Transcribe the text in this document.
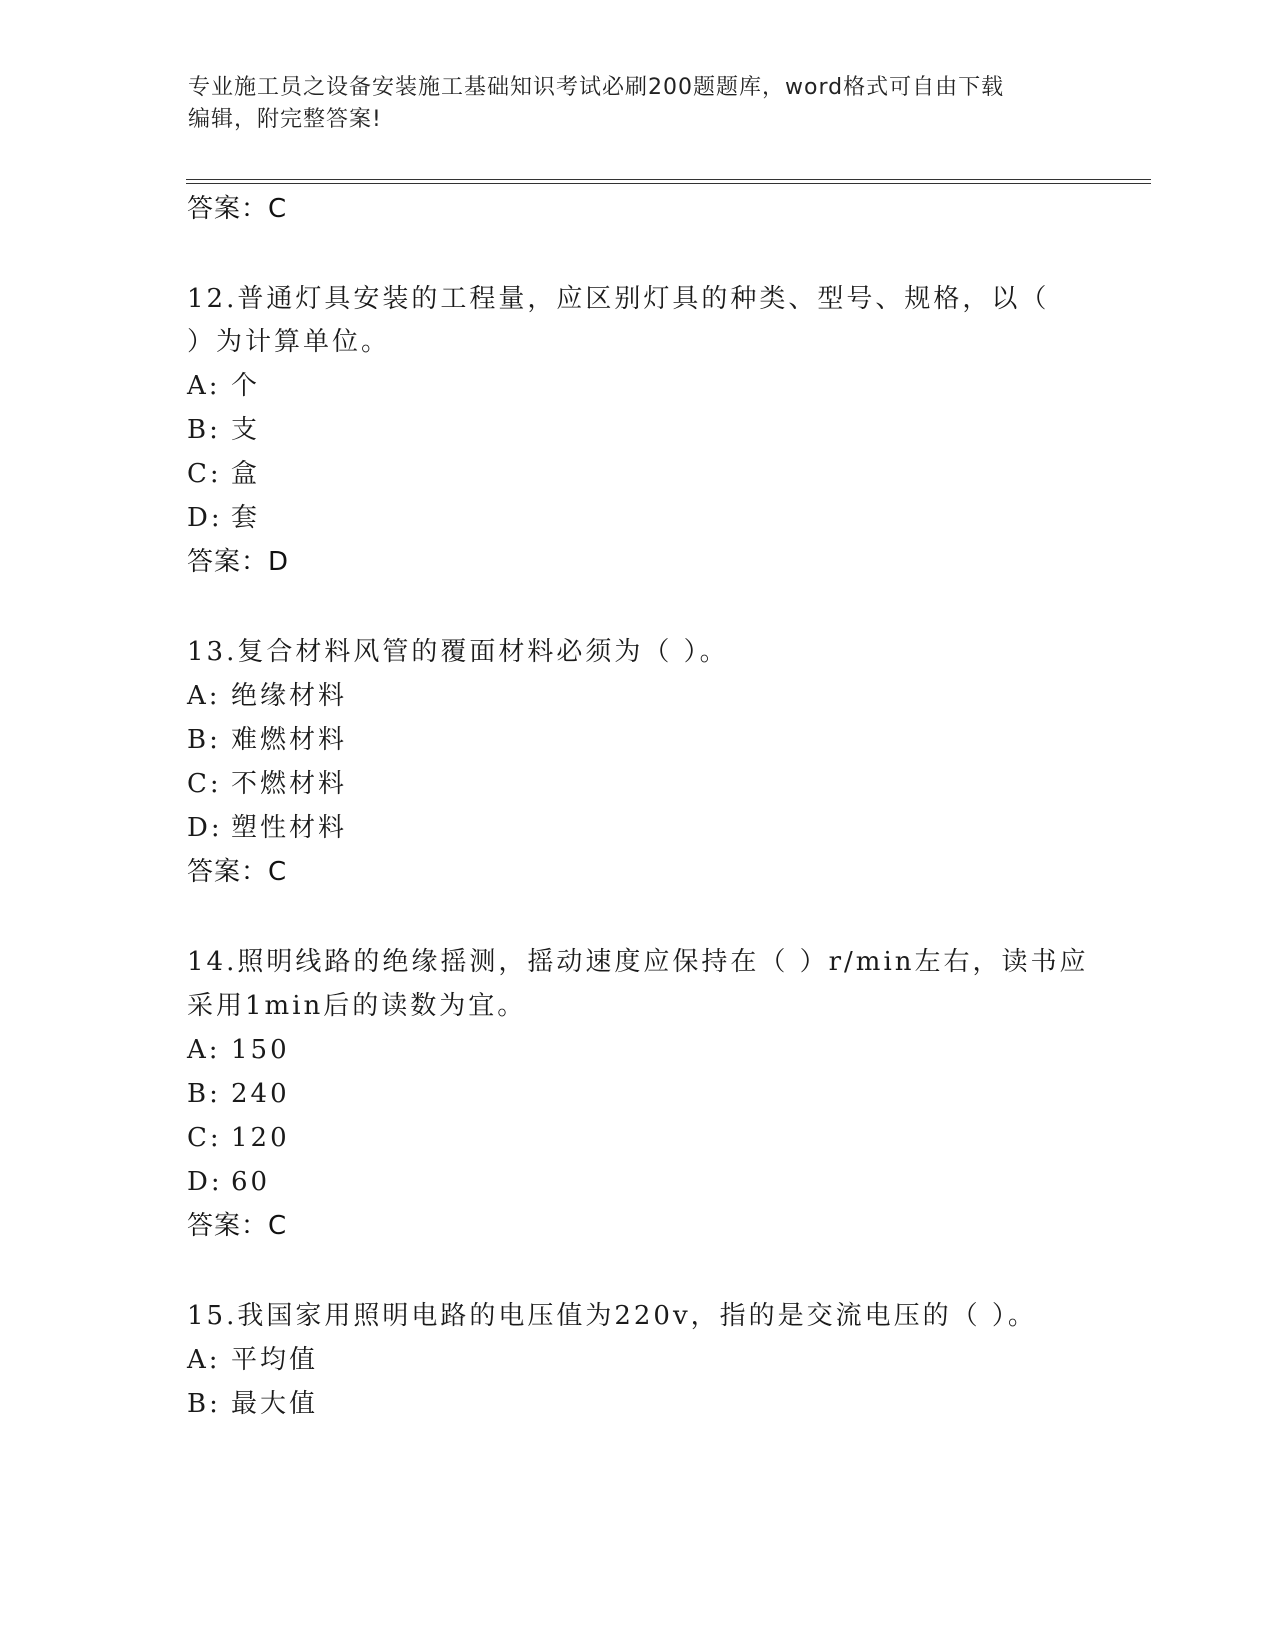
专业施工员之设备安装施工基础知识考试必刷200题题库，word格式可自由下载
编辑，附完整答案!
答案：C
12.普通灯具安装的工程量，应区别灯具的种类、型号、规格，以（
）为计算单位。
A: 个
B: 支
C: 盒
D: 套
答案：D
13.复合材料风管的覆面材料必须为（ ）。
A: 绝缘材料
B: 难燃材料
C: 不燃材料
D: 塑性材料
答案：C
14.照明线路的绝缘摇测，摇动速度应保持在（ ）r/min左右，读书应
采用1min后的读数为宜。
A: 150
B: 240
C: 120
D: 60
答案：C
15.我国家用照明电路的电压值为220v，指的是交流电压的（ ）。
A: 平均值
B: 最大值
